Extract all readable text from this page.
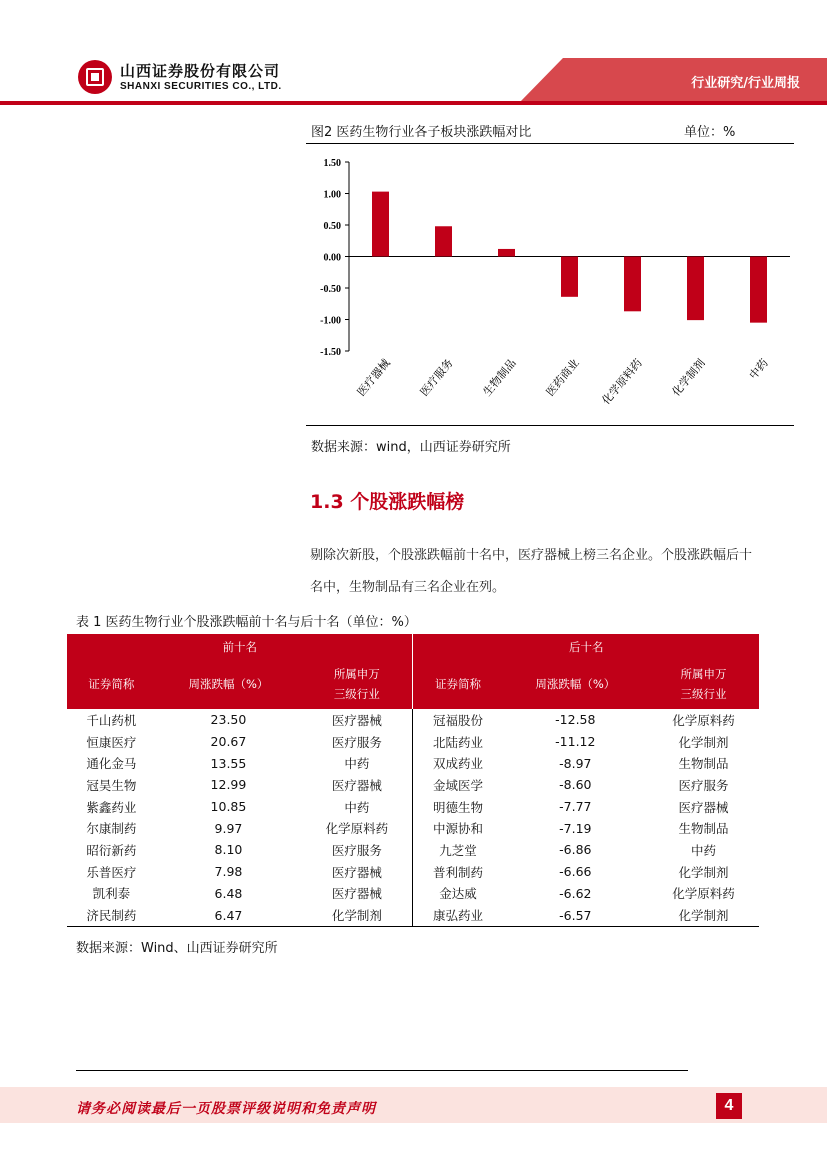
山西证券股份有限公司
SHANXI SECURITIES CO., LTD.	行业研究/行业周报
图2 医药生物行业各子板块涨跌幅对比	单位：%
1.50
1.00
0.50
0.00
-0.50
-1.00
-1.50
医疗器械 医疗服务 生物制品 医药商业 化学原料药 化学制剂	中药
数据来源：wind，山西证券研究所
1.3 个股涨跌幅榜
剔除次新股，个股涨跌幅前十名中，医疗器械上榜三名企业。个股涨跌幅后十名中，生物制品有三名企业在列。
表 1 医药生物行业个股涨跌幅前十名与后十名（单位：%）
前十名			后十名		
证券简称	周涨跌幅（%）	所属申万
三级行业	证券简称	周涨跌幅（%）	所属申万
三级行业
千山药机	23.50	医疗器械	冠福股份	-12.58	化学原料药
恒康医疗	20.67	医疗服务	北陆药业	-11.12	化学制剂
通化金马	13.55	中药	双成药业	-8.97	生物制品
冠昊生物	12.99	医疗器械	金域医学	-8.60	医疗服务
紫鑫药业	10.85	中药	明德生物	-7.77	医疗器械
尔康制药	9.97	化学原料药	中源协和	-7.19	生物制品
昭衍新药	8.10	医疗服务	九芝堂	-6.86	中药
乐普医疗	7.98	医疗器械	普利制药	-6.66	化学制剂
凯利泰	6.48	医疗器械	金达威	-6.62	化学原料药
济民制药	6.47	化学制剂	康弘药业	-6.57	化学制剂
数据来源：Wind、山西证券研究所
请务必阅读最后一页股票评级说明和免责声明	4
